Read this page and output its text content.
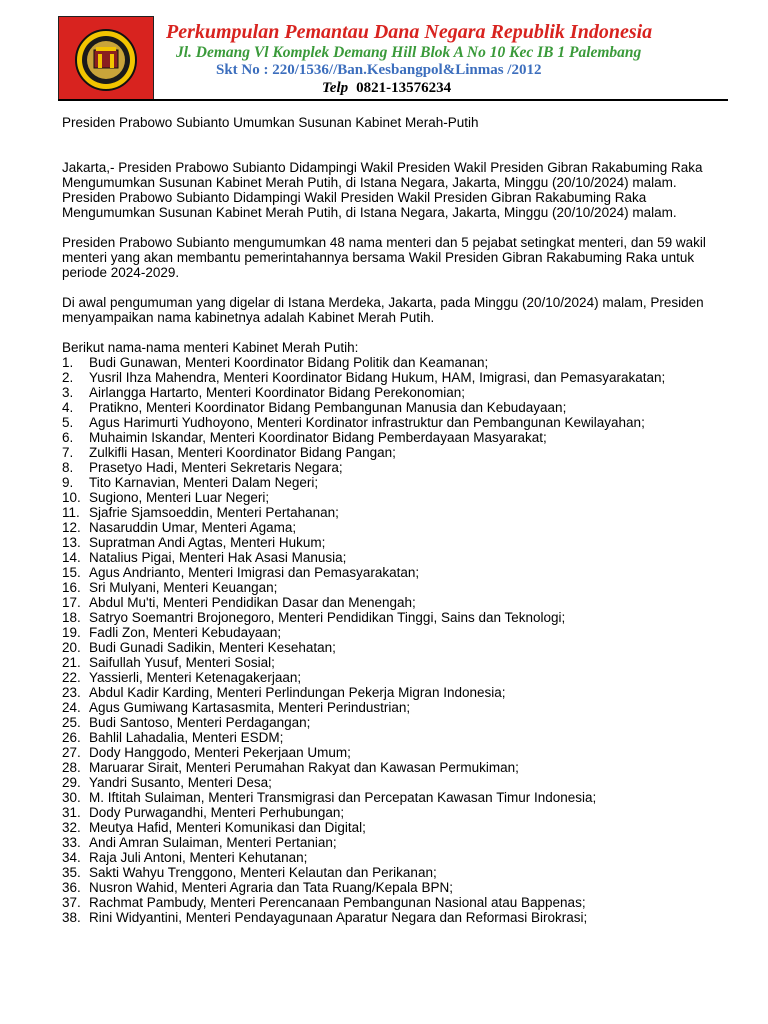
Perkumpulan Pemantau Dana Negara Republik Indonesia
Jl. Demang Vl Komplek Demang Hill Blok A No 10 Kec IB 1 Palembang
Skt No : 220/1536//Ban.Kesbangpol&Linmas /2012
Telp 0821-13576234

Presiden Prabowo Subianto Umumkan Susunan Kabinet Merah-Putih

Jakarta,- Presiden Prabowo Subianto Didampingi Wakil Presiden Wakil Presiden Gibran Rakabuming Raka Mengumumkan Susunan Kabinet Merah Putih, di Istana Negara, Jakarta, Minggu (20/10/2024) malam. Presiden Prabowo Subianto Didampingi Wakil Presiden Wakil Presiden Gibran Rakabuming Raka Mengumumkan Susunan Kabinet Merah Putih, di Istana Negara, Jakarta, Minggu (20/10/2024) malam.

Presiden Prabowo Subianto mengumumkan 48 nama menteri dan 5 pejabat setingkat menteri, dan 59 wakil menteri yang akan membantu pemerintahannya bersama Wakil Presiden Gibran Rakabuming Raka untuk periode 2024-2029.

Di awal pengumuman yang digelar di Istana Merdeka, Jakarta, pada Minggu (20/10/2024) malam, Presiden menyampaikan nama kabinetnya adalah Kabinet Merah Putih.

Berikut nama-nama menteri Kabinet Merah Putih:

1. Budi Gunawan, Menteri Koordinator Bidang Politik dan Keamanan;
2. Yusril Ihza Mahendra, Menteri Koordinator Bidang Hukum, HAM, Imigrasi, dan Pemasyarakatan;
3. Airlangga Hartarto, Menteri Koordinator Bidang Perekonomian;
4. Pratikno, Menteri Koordinator Bidang Pembangunan Manusia dan Kebudayaan;
5. Agus Harimurti Yudhoyono, Menteri Kordinator infrastruktur dan Pembangunan Kewilayahan;
6. Muhaimin Iskandar, Menteri Koordinator Bidang Pemberdayaan Masyarakat;
7. Zulkifli Hasan, Menteri Koordinator Bidang Pangan;
8. Prasetyo Hadi, Menteri Sekretaris Negara;
9. Tito Karnavian, Menteri Dalam Negeri;
10. Sugiono, Menteri Luar Negeri;
11. Sjafrie Sjamsoeddin, Menteri Pertahanan;
12. Nasaruddin Umar, Menteri Agama;
13. Supratman Andi Agtas, Menteri Hukum;
14. Natalius Pigai, Menteri Hak Asasi Manusia;
15. Agus Andrianto, Menteri Imigrasi dan Pemasyarakatan;
16. Sri Mulyani, Menteri Keuangan;
17. Abdul Mu'ti, Menteri Pendidikan Dasar dan Menengah;
18. Satryo Soemantri Brojonegoro, Menteri Pendidikan Tinggi, Sains dan Teknologi;
19. Fadli Zon, Menteri Kebudayaan;
20. Budi Gunadi Sadikin, Menteri Kesehatan;
21. Saifullah Yusuf, Menteri Sosial;
22. Yassierli, Menteri Ketenagakerjaan;
23. Abdul Kadir Karding, Menteri Perlindungan Pekerja Migran Indonesia;
24. Agus Gumiwang Kartasasmita, Menteri Perindustrian;
25. Budi Santoso, Menteri Perdagangan;
26. Bahlil Lahadalia, Menteri ESDM;
27. Dody Hanggodo, Menteri Pekerjaan Umum;
28. Maruarar Sirait, Menteri Perumahan Rakyat dan Kawasan Permukiman;
29. Yandri Susanto, Menteri Desa;
30. M. Iftitah Sulaiman, Menteri Transmigrasi dan Percepatan Kawasan Timur Indonesia;
31. Dody Purwagandhi, Menteri Perhubungan;
32. Meutya Hafid, Menteri Komunikasi dan Digital;
33. Andi Amran Sulaiman, Menteri Pertanian;
34. Raja Juli Antoni, Menteri Kehutanan;
35. Sakti Wahyu Trenggono, Menteri Kelautan dan Perikanan;
36. Nusron Wahid, Menteri Agraria dan Tata Ruang/Kepala BPN;
37. Rachmat Pambudy, Menteri Perencanaan Pembangunan Nasional atau Bappenas;
38. Rini Widyantini, Menteri Pendayagunaan Aparatur Negara dan Reformasi Birokrasi;
